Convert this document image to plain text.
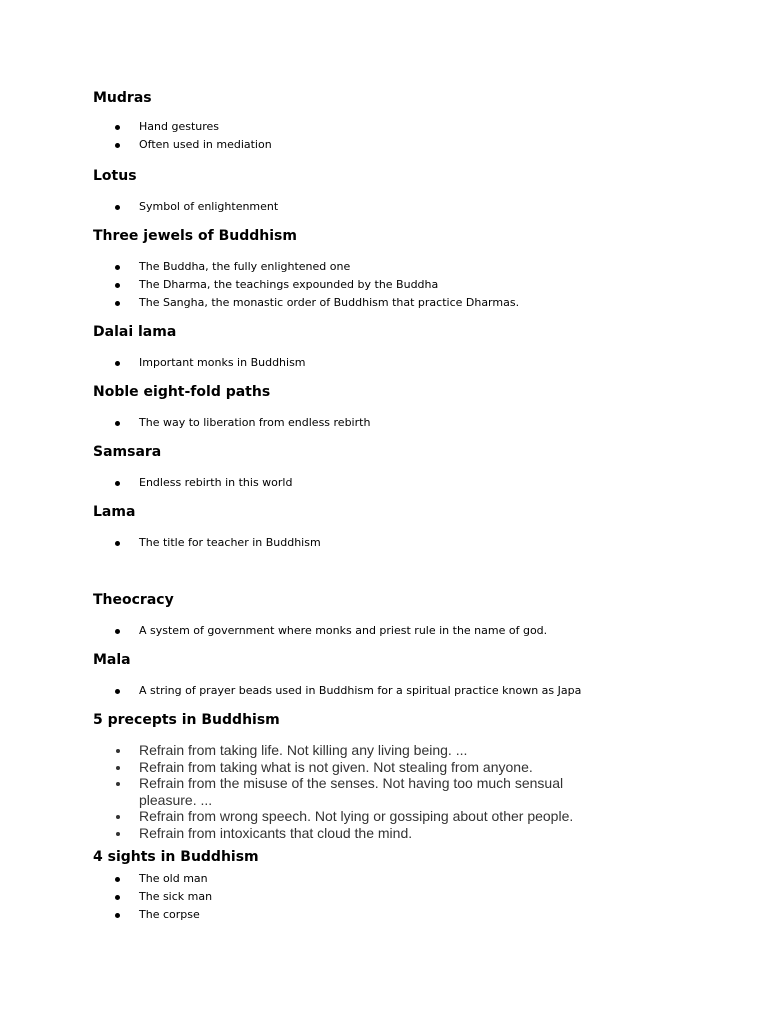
Mudras
Hand gestures
Often used in mediation
Lotus
Symbol of enlightenment
Three jewels of Buddhism
The Buddha, the fully enlightened one
The Dharma, the teachings expounded by the Buddha
The Sangha, the monastic order of Buddhism that practice Dharmas.
Dalai lama
Important monks in Buddhism
Noble eight-fold paths
The way to liberation from endless rebirth
Samsara
Endless rebirth in this world
Lama
The title for teacher in Buddhism
Theocracy
A system of government where monks and priest rule in the name of god.
Mala
A string of prayer beads used in Buddhism for a spiritual practice known as Japa
5 precepts in Buddhism
Refrain from taking life. Not killing any living being. ...
Refrain from taking what is not given. Not stealing from anyone.
Refrain from the misuse of the senses. Not having too much sensual pleasure. ...
Refrain from wrong speech. Not lying or gossiping about other people.
Refrain from intoxicants that cloud the mind.
4 sights in Buddhism
The old man
The sick man
The corpse
